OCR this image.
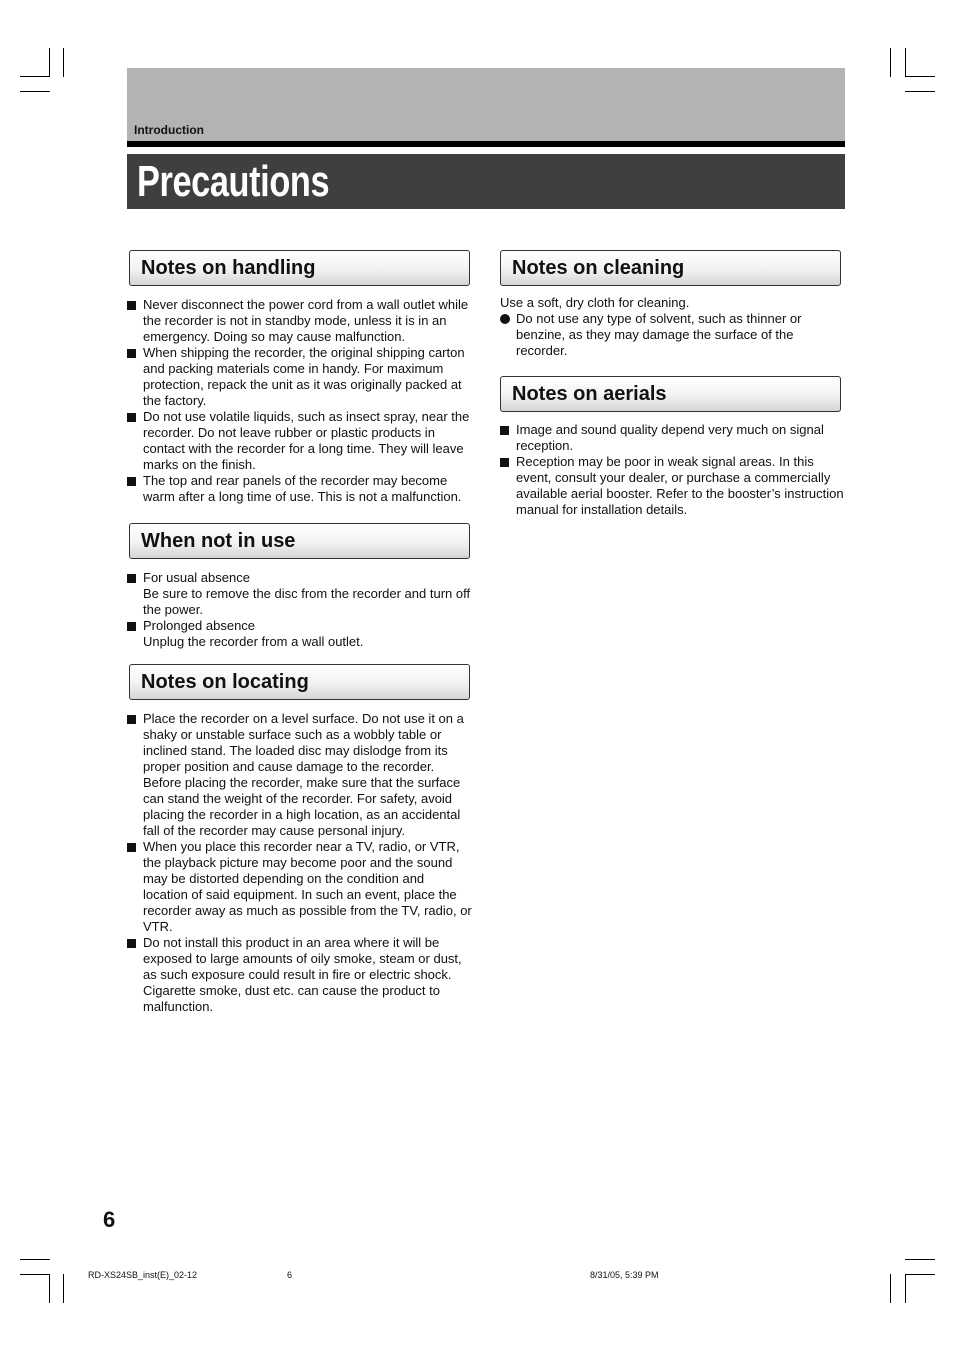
Introduction
Precautions
Notes on handling
Never disconnect the power cord from a wall outlet while the recorder is not in standby mode, unless it is in an emergency. Doing so may cause malfunction.
When shipping the recorder, the original shipping carton and packing materials come in handy. For maximum protection, repack the unit as it was originally packed at the factory.
Do not use volatile liquids, such as insect spray, near the recorder. Do not leave rubber or plastic products in contact with the recorder for a long time. They will leave marks on the finish.
The top and rear panels of the recorder may become warm after a long time of use. This is not a malfunction.
When not in use
For usual absence
Be sure to remove the disc from the recorder and turn off the power.
Prolonged absence
Unplug the recorder from a wall outlet.
Notes on locating
Place the recorder on a level surface. Do not use it on a shaky or unstable surface such as a wobbly table or inclined stand. The loaded disc may dislodge from its proper position and cause damage to the recorder. Before placing the recorder, make sure that the surface can stand the weight of the recorder. For safety, avoid placing the recorder in a high location, as an accidental fall of the recorder may cause personal injury.
When you place this recorder near a TV, radio, or VTR, the playback picture may become poor and the sound may be distorted depending on the condition and location of said equipment. In such an event, place the recorder away as much as possible from the TV, radio, or VTR.
Do not install this product in an area where it will be exposed to large amounts of oily smoke, steam or dust, as such exposure could result in fire or electric shock. Cigarette smoke, dust etc. can cause the product to malfunction.
Notes on cleaning

Use a soft, dry cloth for cleaning.

Do not use any type of solvent, such as thinner or benzine, as they may damage the surface of the recorder.
Notes on aerials
Image and sound quality depend very much on signal reception.
Reception may be poor in weak signal areas. In this event, consult your dealer, or purchase a commercially available aerial booster. Refer to the booster’s instruction manual for installation details.
6
RD-XS24SB_inst(E)_02-12	6	8/31/05, 5:39 PM
